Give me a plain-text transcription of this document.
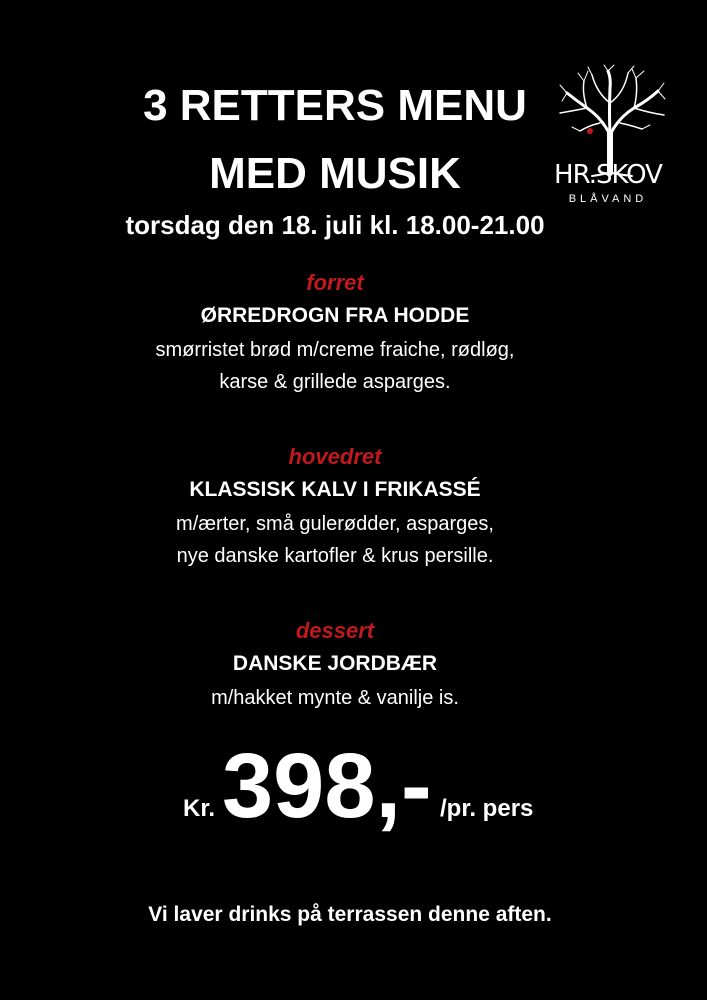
3 RETTERS MENU
MED MUSIK
torsdag den 18. juli kl. 18.00-21.00
HR.SKOV
BLÅVAND
forret
ØRREDROGN FRA HODDE
smørristet brød m/creme fraiche, rødløg,
karse & grillede asparges.
hovedret
KLASSISK KALV I FRIKASSÉ
m/ærter, små gulerødder, asparges,
nye danske kartofler & krus persille.
dessert
DANSKE JORDBÆR
m/hakket mynte & vanilje is.
Kr. 398,- /pr. pers
Vi laver drinks på terrassen denne aften.
